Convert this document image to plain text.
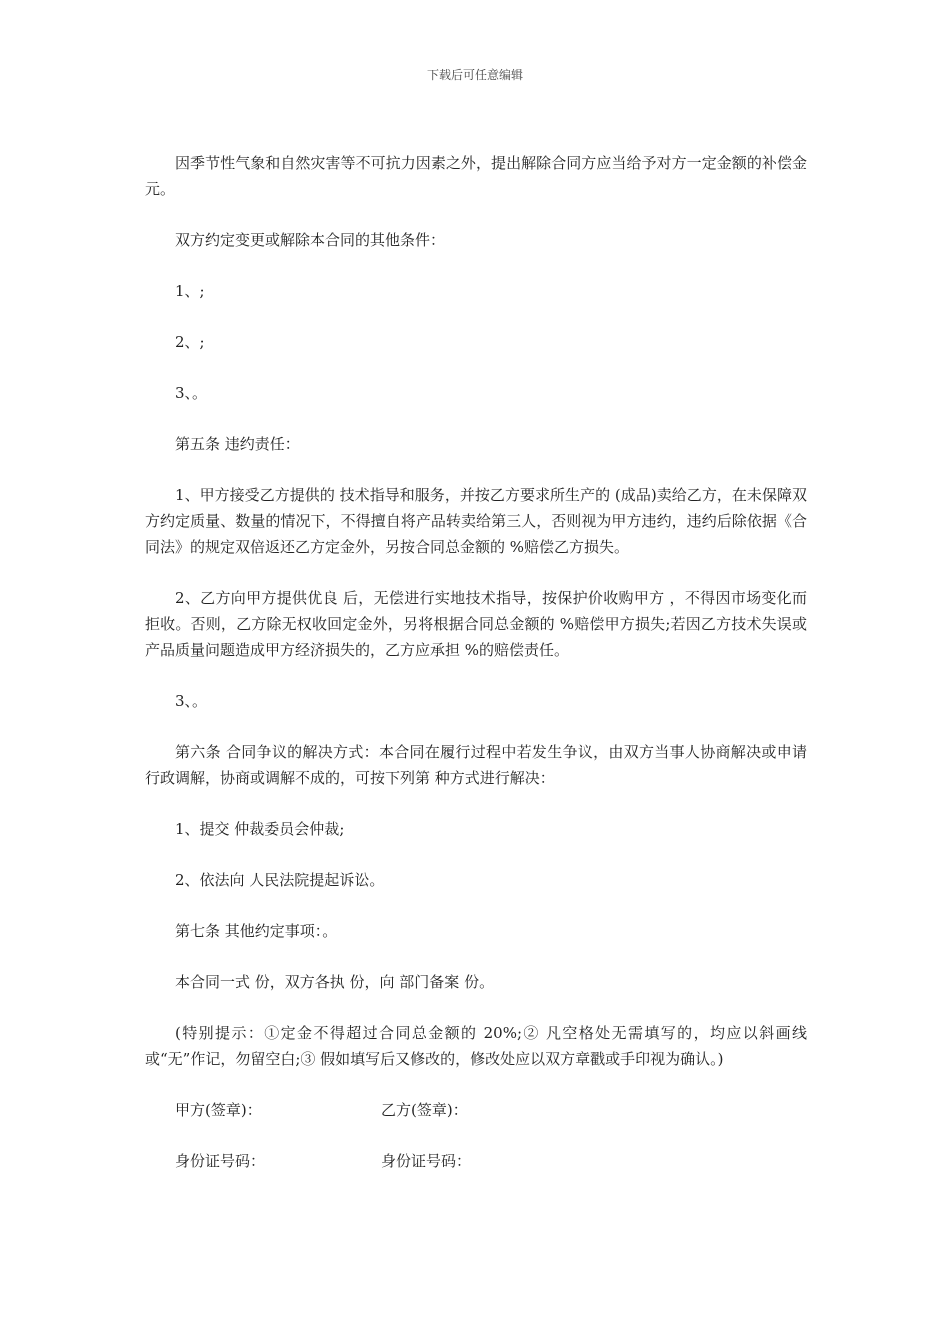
下载后可任意编辑

因季节性气象和自然灾害等不可抗力因素之外，提出解除合同方应当给予对方一定金额的补偿金 元。

双方约定变更或解除本合同的其他条件：

1、;

2、;

3、。

第五条 违约责任：

1、甲方接受乙方提供的 技术指导和服务，并按乙方要求所生产的 (成品)卖给乙方，在未保障双方约定质量、数量的情况下，不得擅自将产品转卖给第三人，否则视为甲方违约，违约后除依据《合同法》的规定双倍返还乙方定金外，另按合同总金额的 %赔偿乙方损失。

2、乙方向甲方提供优良 后，无偿进行实地技术指导，按保护价收购甲方 ，不得因市场变化而拒收。否则，乙方除无权收回定金外，另将根据合同总金额的 %赔偿甲方损失;若因乙方技术失误或产品质量问题造成甲方经济损失的，乙方应承担 %的赔偿责任。

3、。

第六条 合同争议的解决方式：本合同在履行过程中若发生争议，由双方当事人协商解决或申请行政调解，协商或调解不成的，可按下列第 种方式进行解决：

1、提交 仲裁委员会仲裁;

2、依法向 人民法院提起诉讼。

第七条 其他约定事项：。

本合同一式 份，双方各执 份，向 部门备案 份。

(特别提示：①定金不得超过合同总金额的 20%;② 凡空格处无需填写的，均应以斜画线或“无”作记，勿留空白;③ 假如填写后又修改的，修改处应以双方章戳或手印视为确认。)

甲方(签章)：	乙方(签章)：
身份证号码：	身份证号码：
